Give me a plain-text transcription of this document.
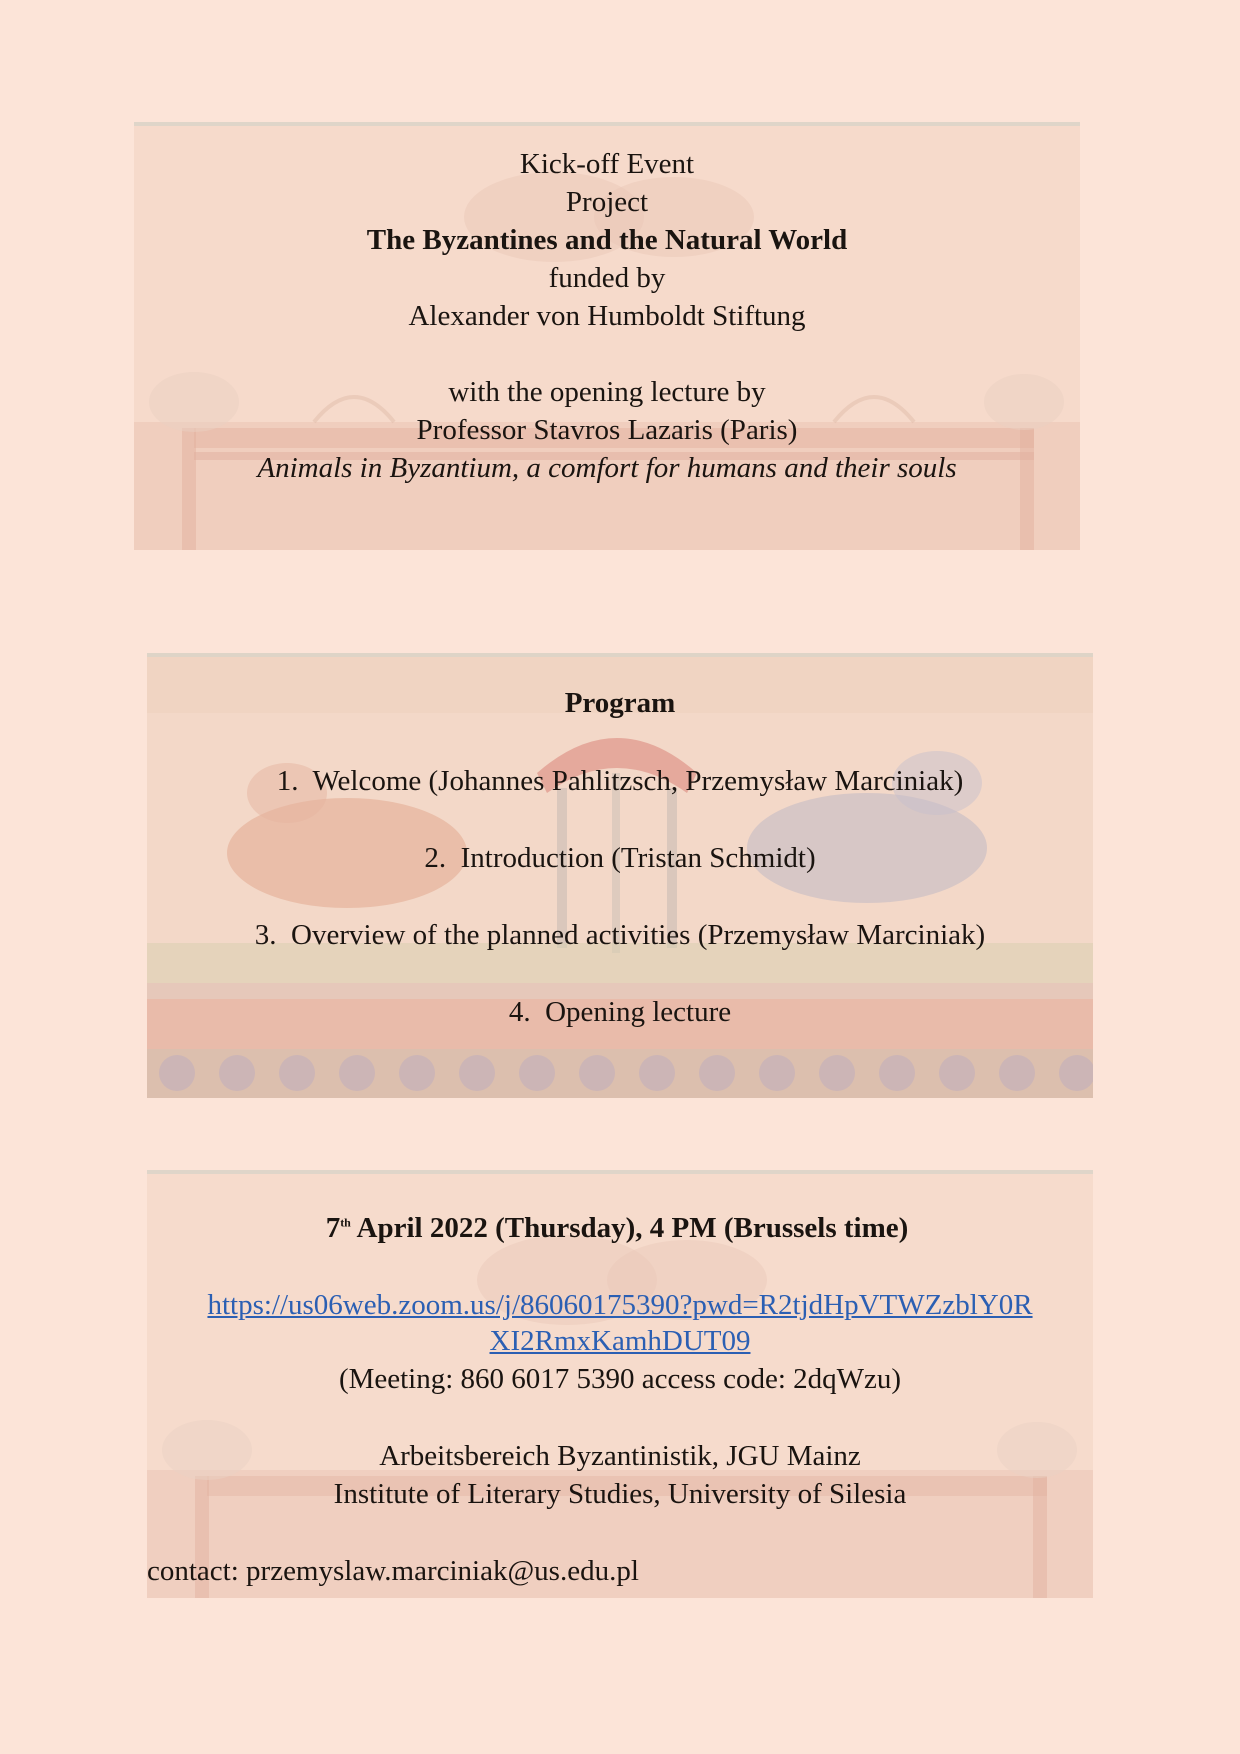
Kick-off Event
Project
The Byzantines and the Natural World
funded by
Alexander von Humboldt Stiftung
with the opening lecture by
Professor Stavros Lazaris (Paris)
Animals in Byzantium, a comfort for humans and their souls
Program
1. Welcome (Johannes Pahlitzsch, Przemysław Marciniak)
2. Introduction (Tristan Schmidt)
3. Overview of the planned activities (Przemysław Marciniak)
4. Opening lecture
7th April 2022 (Thursday), 4 PM (Brussels time)
https://us06web.zoom.us/j/86060175390?pwd=R2tjdHpVTWZzblY0R
XI2RmxKamhDUT09
(Meeting: 860 6017 5390 access code: 2dqWzu)
Arbeitsbereich Byzantinistik, JGU Mainz
Institute of Literary Studies, University of Silesia
contact: przemyslaw.marciniak@us.edu.pl
